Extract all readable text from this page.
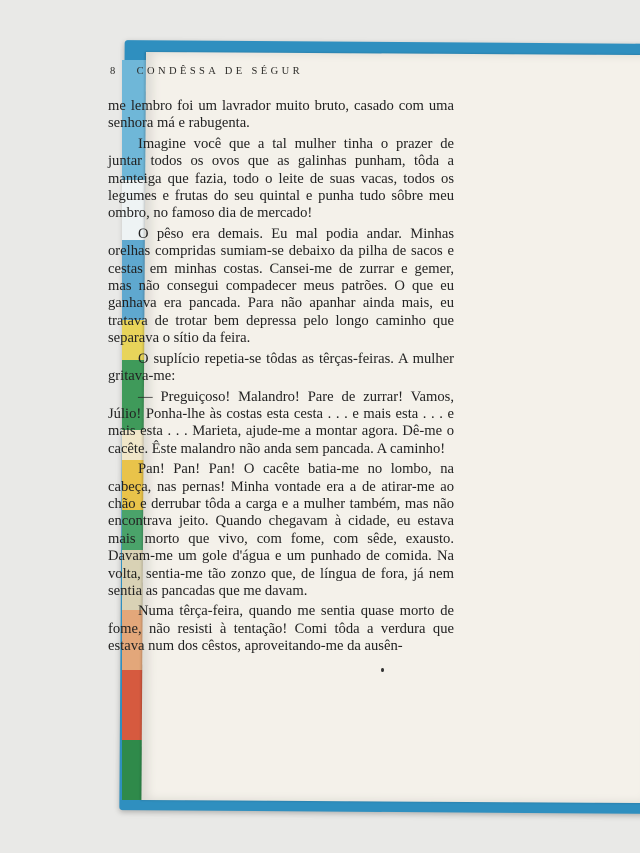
8 CONDÊSSA DE SÉGUR

me lembro foi um lavrador muito bruto, casado com uma senhora má e rabugenta.

Imagine você que a tal mulher tinha o prazer de juntar todos os ovos que as galinhas punham, tôda a manteiga que fazia, todo o leite de suas vacas, todos os legumes e frutas do seu quintal e punha tudo sôbre meu ombro, no famoso dia de mercado!

O pêso era demais. Eu mal podia andar. Minhas orelhas compridas sumiam-se debaixo da pilha de sacos e cestas em minhas costas. Cansei-me de zurrar e gemer, mas não consegui compadecer meus patrões. O que eu ganhava era pancada. Para não apanhar ainda mais, eu tratava de trotar bem depressa pelo longo caminho que separava o sítio da feira.

O suplício repetia-se tôdas as têrças-feiras. A mulher gritava-me:

— Preguiçoso! Malandro! Pare de zurrar! Vamos, Júlio! Ponha-lhe às costas esta cesta . . . e mais esta . . . e mais esta . . . Marieta, ajude-me a montar agora. Dê-me o cacête. Êste malandro não anda sem pancada. A caminho!

Pan! Pan! Pan! O cacête batia-me no lombo, na cabeça, nas pernas! Minha vontade era a de atirar-me ao chão e derrubar tôda a carga e a mulher também, mas não encontrava jeito. Quando chegavam à cidade, eu estava mais morto que vivo, com fome, com sêde, exausto. Davam-me um gole d'água e um punhado de comida. Na volta, sentia-me tão zonzo que, de língua de fora, já nem sentia as pancadas que me davam.

Numa têrça-feira, quando me sentia quase morto de fome, não resisti à tentação! Comi tôda a verdura que estava num dos cêstos, aproveitando-me da ausên-
